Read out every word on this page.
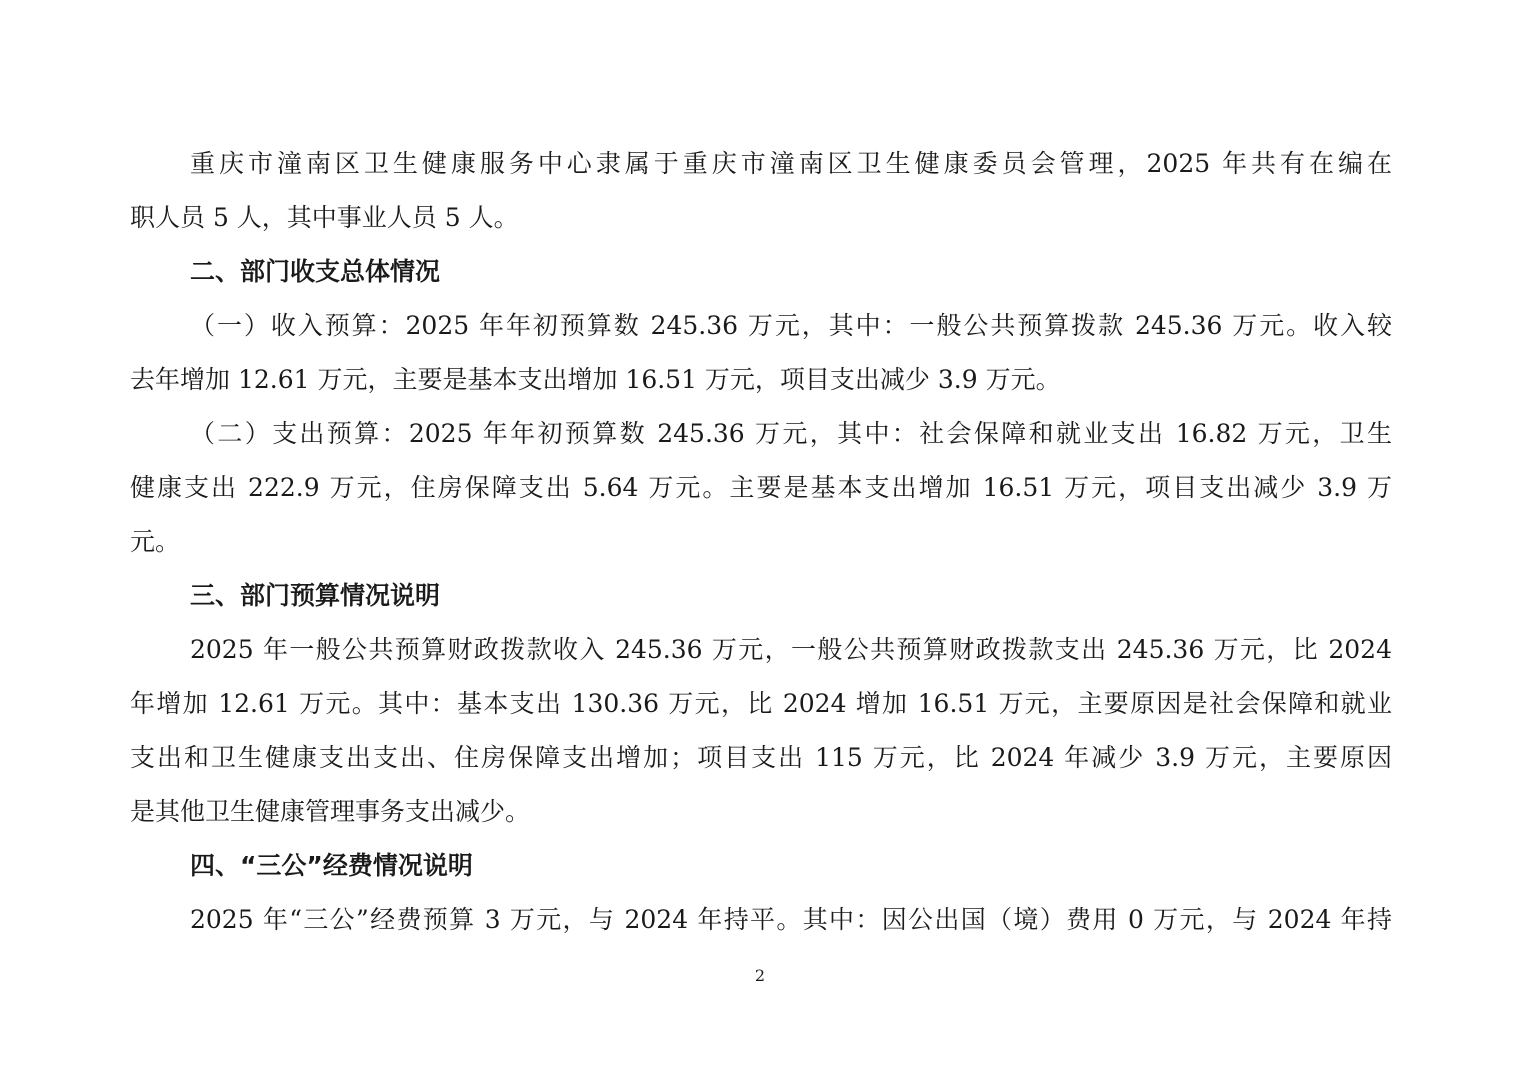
重庆市潼南区卫生健康服务中心隶属于重庆市潼南区卫生健康委员会管理，2025 年共有在编在
职人员 5 人，其中事业人员 5 人。
二、部门收支总体情况
（一）收入预算：2025 年年初预算数 245.36 万元，其中：一般公共预算拨款 245.36 万元。收入较
去年增加 12.61 万元，主要是基本支出增加 16.51 万元，项目支出减少 3.9 万元。
（二）支出预算：2025 年年初预算数 245.36 万元，其中：社会保障和就业支出 16.82 万元，卫生
健康支出 222.9 万元，住房保障支出 5.64 万元。主要是基本支出增加 16.51 万元，项目支出减少 3.9 万
元。
三、部门预算情况说明
2025 年一般公共预算财政拨款收入 245.36 万元，一般公共预算财政拨款支出 245.36 万元，比 2024
年增加 12.61 万元。其中：基本支出 130.36 万元，比 2024 增加 16.51 万元，主要原因是社会保障和就业
支出和卫生健康支出支出、住房保障支出增加；项目支出 115 万元，比 2024 年减少 3.9 万元，主要原因
是其他卫生健康管理事务支出减少。
四、“三公”经费情况说明
2025 年“三公”经费预算 3 万元，与 2024 年持平。其中：因公出国（境）费用 0 万元，与 2024 年持
2
